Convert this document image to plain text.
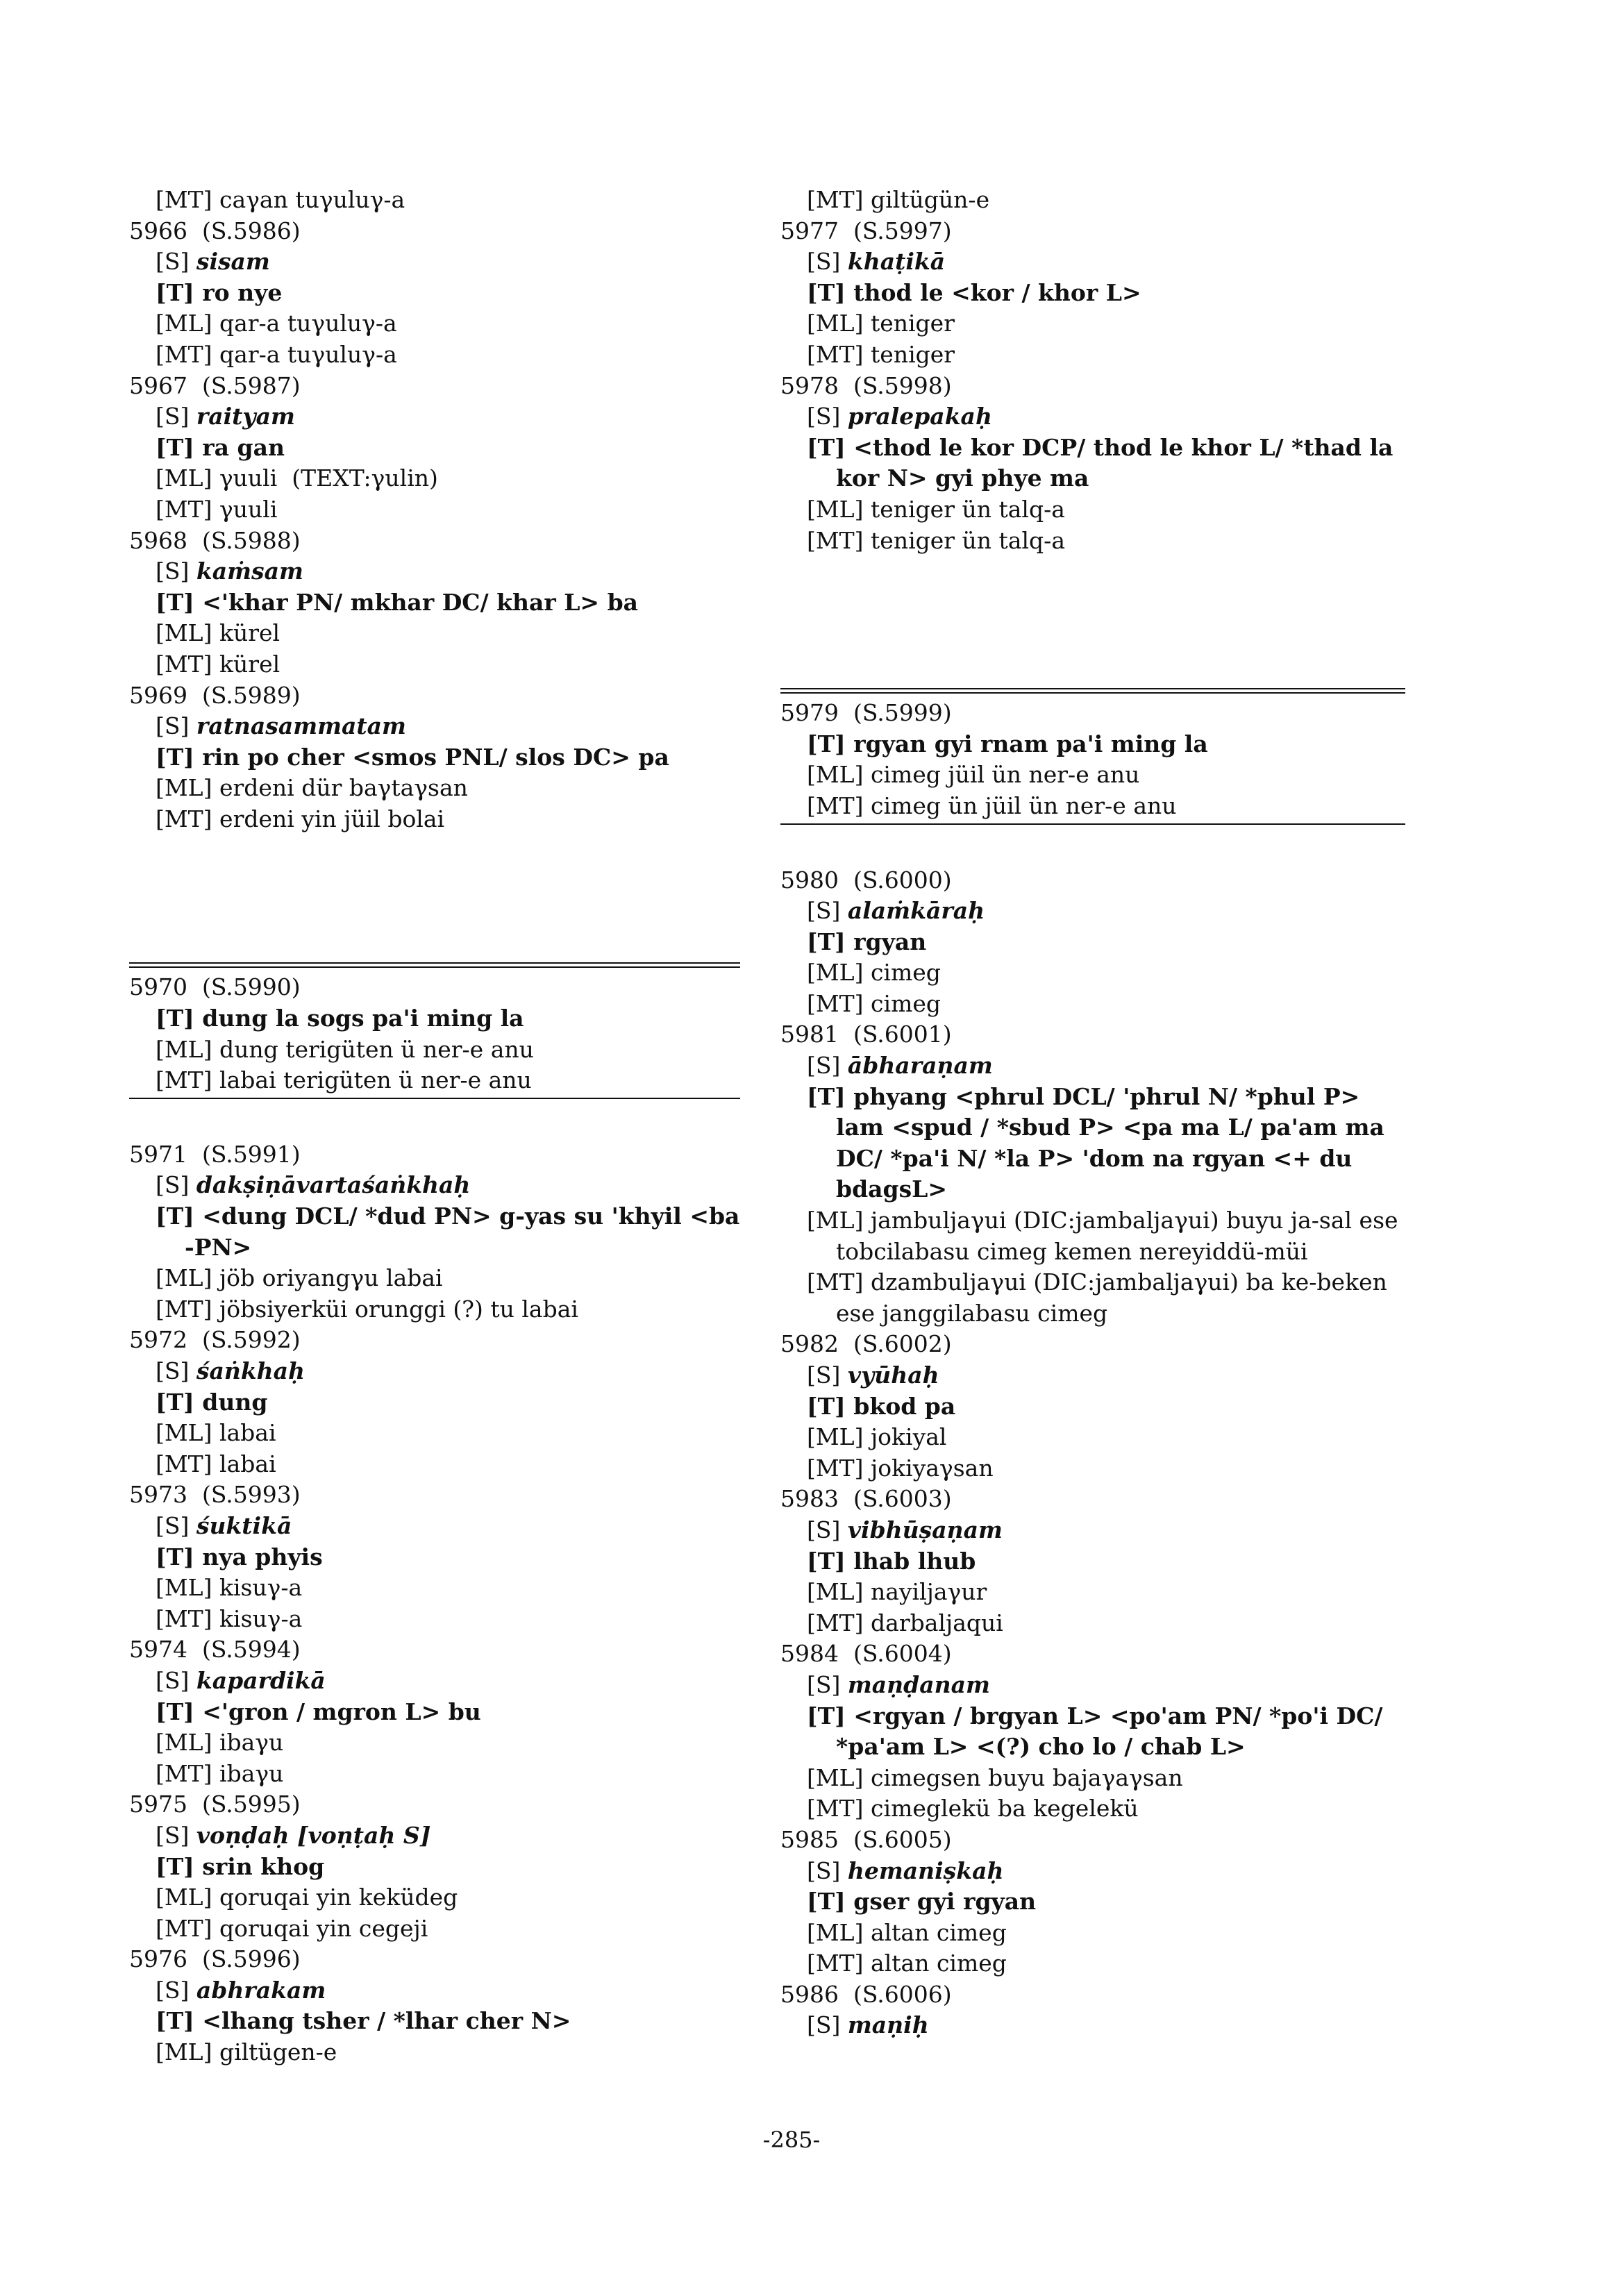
[MT] caγan tuγuluγ-a
5966  (S.5986)
[S] sisam
[T] ro nye
[ML] qar-a tuγuluγ-a
[MT] qar-a tuγuluγ-a
5967  (S.5987)
[S] raityam
[T] ra gan
[ML] γuuli  (TEXT:γulin)
[MT] γuuli
5968  (S.5988)
[S] kaṁsam
[T] <'khar PN/ mkhar DC/ khar L> ba
[ML] kürel
[MT] kürel
5969  (S.5989)
[S] ratnasammatam
[T] rin po cher <smos PNL/ slos DC> pa
[ML] erdeni dür baγtaγsan
[MT] erdeni yin jüil bolai
5970  (S.5990)
[T] dung la sogs pa'i ming la
[ML] dung terigüten ü ner-e anu
[MT] labai terigüten ü ner-e anu
5971  (S.5991)
[S] dakṣiṇāvartaśaṅkhaḥ
[T] <dung DCL/ *dud PN> g-yas su 'khyil <ba -PN>
[ML] jöb oriyangγu labai
[MT] jöbsiyerküi orunggi (?) tu labai
5972  (S.5992)
[S] śaṅkhaḥ
[T] dung
[ML] labai
[MT] labai
5973  (S.5993)
[S] śuktikā
[T] nya phyis
[ML] kisuγ-a
[MT] kisuγ-a
5974  (S.5994)
[S] kapardikā
[T] <'gron / mgron L> bu
[ML] ibaγu
[MT] ibaγu
5975  (S.5995)
[S] voṇḍaḥ [voṇṭaḥ S]
[T] srin khog
[ML] qoruqai yin keküdeg
[MT] qoruqai yin cegeji
5976  (S.5996)
[S] abhrakam
[T] <lhang tsher / *lhar cher N>
[ML] giltügen-e
[MT] giltügün-e
5977  (S.5997)
[S] khaṭikā
[T] thod le <kor / khor L>
[ML] teniger
[MT] teniger
5978  (S.5998)
[S] pralepakaḥ
[T] <thod le kor DCP/ thod le khor L/ *thad la kor N> gyi phye ma
[ML] teniger ün talq-a
[MT] teniger ün talq-a
5979  (S.5999)
[T] rgyan gyi rnam pa'i ming la
[ML] cimeg jüil ün ner-e anu
[MT] cimeg ün jüil ün ner-e anu
5980  (S.6000)
[S] alaṁkāraḥ
[T] rgyan
[ML] cimeg
[MT] cimeg
5981  (S.6001)
[S] ābharaṇam
[T] phyang <phrul DCL/ 'phrul N/ *phul P> lam <spud / *sbud P> <pa ma L/ pa'am ma DC/ *pa'i N/ *la P> 'dom na rgyan <+ du bdagsL>
[ML] jambuljaγui (DIC:jambaljaγui) buyu ja-sal ese tobcilabasu cimeg kemen nereyiddü-müi
[MT] dzambuljaγui (DIC:jambaljaγui) ba ke-beken ese janggilabasu cimeg
5982  (S.6002)
[S] vyūhaḥ
[T] bkod pa
[ML] jokiyal
[MT] jokiyaγsan
5983  (S.6003)
[S] vibhūṣaṇam
[T] lhab lhub
[ML] nayiljaγur
[MT] darbaljaqui
5984  (S.6004)
[S] maṇḍanam
[T] <rgyan / brgyan L> <po'am PN/ *po'i DC/ *pa'am L> <(?) cho lo / chab L>
[ML] cimegsen buyu bajaγaγsan
[MT] cimeglekü ba kegelekü
5985  (S.6005)
[S] hemaniṣkaḥ
[T] gser gyi rgyan
[ML] altan cimeg
[MT] altan cimeg
5986  (S.6006)
[S] maṇiḥ
-285-
